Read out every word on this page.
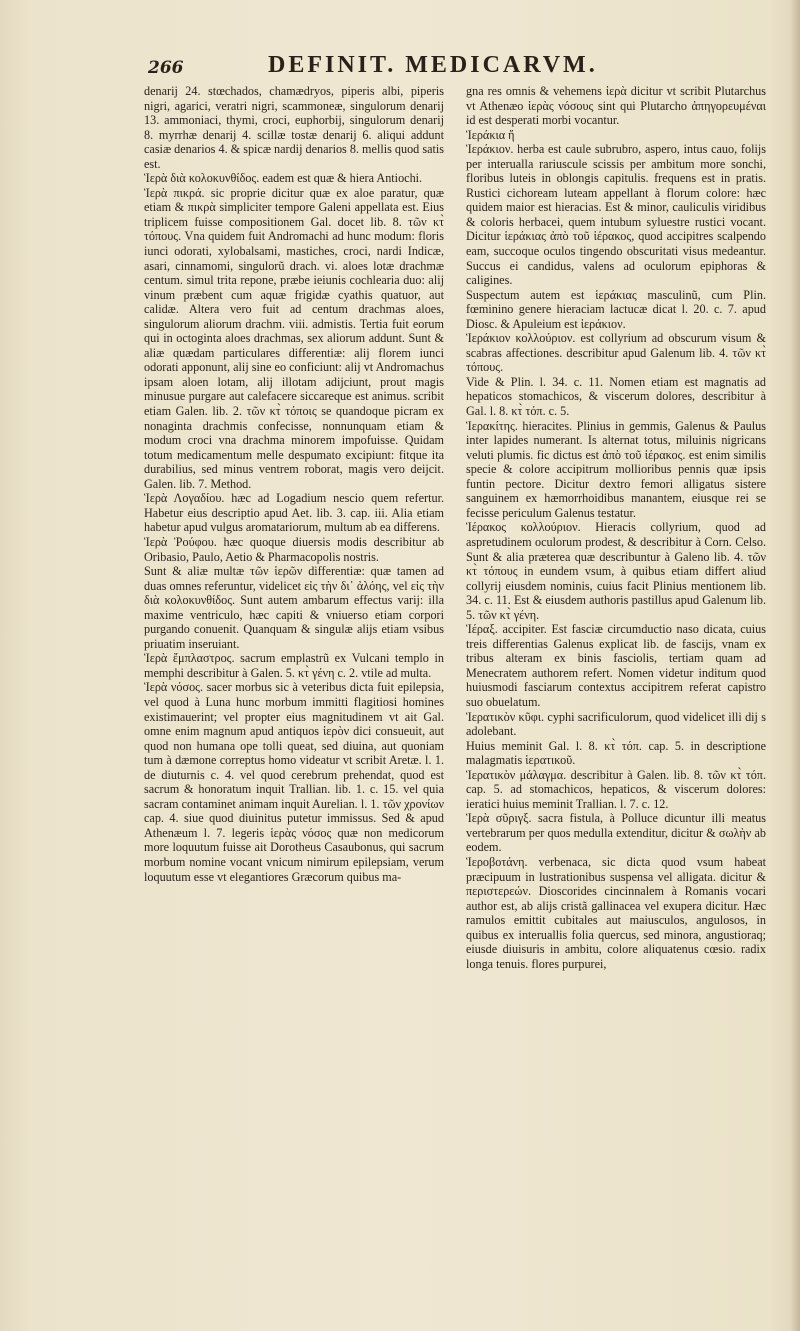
266	DEFINIT. MEDICARVM.

denarij 24. stœchados, chamædryos, piperis albi, piperis nigri, agarici, veratri nigri, scammoneæ, singulorum denarij 13. ammoniaci, thymi, croci, euphorbij, singulorum denarij 8. myrrhæ denarij 4. scillæ tostæ denarij 6. aliqui addunt casiæ denarios 4. & spicæ nardij denarios 8. mellis quod satis est.

Ἱερὰ διὰ κολοκυνθίδος. eadem est quæ & hiera Antiochi.

Ἱερὰ πικρά. sic proprie dicitur quæ ex aloe paratur, quæ etiam & πικρὰ simpliciter tempore Galeni appellata est. Eius triplicem fuisse compositionem Gal. docet lib. 8. τῶν κτ̀ τόπους. Vna quidem fuit Andromachi ad hunc modum: floris iunci odorati, xylobalsami, mastiches, croci, nardi Indicæ, asari, cinnamomi, singulorũ drach. vi. aloes lotæ drachmæ centum. simul trita repone, præbe ieiunis cochlearia duo: alij vinum præbent cum aquæ frigidæ cyathis quatuor, aut calidæ. Altera vero fuit ad centum drachmas aloes, singulorum aliorum drachm. viii. admistis. Tertia fuit eorum qui in octoginta aloes drachmas, sex aliorum addunt. Sunt & aliæ quædam particulares differentiæ: alij florem iunci odorati apponunt, alij sine eo conficiunt: alij vt Andromachus ipsam aloen lotam, alij illotam adijciunt, prout magis minusue purgare aut calefacere siccareque est animus. scribit etiam Galen. lib. 2. τῶν κτ̀ τόποις se quandoque picram ex nonaginta drachmis confecisse, nonnunquam etiam & modum croci vna drachma minorem impofuisse. Quidam totum medicamentum melle despumato excipiunt: fitque ita durabilius, sed minus ventrem roborat, magis vero deijcit. Galen. lib. 7. Method.

Ἱερὰ Λογαδίου. hæc ad Logadium nescio quem refertur. Habetur eius descriptio apud Aet. lib. 3. cap. iii. Alia etiam habetur apud vulgus aromatariorum, multum ab ea differens.

Ἱερὰ Ῥούφου. hæc quoque diuersis modis describitur ab Oribasio, Paulo, Aetio & Pharmacopolis nostris.

Sunt & aliæ multæ τῶν ἱερῶν differentiæ: quæ tamen ad duas omnes referuntur, videlicet εἰς τὴν δι᾽ ἀλόης, vel εἰς τὴν διὰ κολοκυνθίδος. Sunt autem ambarum effectus varij: illa maxime ventriculo, hæc capiti & vniuerso etiam corpori purgando conuenit. Quanquam & singulæ alijs etiam vsibus priuatim inseruiant.

Ἱερὰ ἔμπλαστρος. sacrum emplastrũ ex Vulcani templo in memphi describitur à Galen. 5. κτ̀ γένη c. 2. vtile ad multa.

Ἱερὰ νόσος. sacer morbus sic à veteribus dicta fuit epilepsia, vel quod à Luna hunc morbum immitti flagitiosi homines existimauerint; vel propter eius magnitudinem vt ait Gal. omne enim magnum apud antiquos ἱερὸν dici consueuit, aut quod non humana ope tolli queat, sed diuina, aut quoniam tum à dæmone correptus homo videatur vt scribit Aretæ. l. 1. de diuturnis c. 4. vel quod cerebrum prehendat, quod est sacrum & honoratum inquit Trallian. lib. 1. c. 15. vel quia sacram contaminet animam inquit Aurelian. l. 1. τῶν χρονίων cap. 4. siue quod diuinitus putetur immissus. Sed & apud Athenæum l. 7. legeris ἱερὰς νόσος quæ non medicorum more loquutum fuisse ait Dorotheus Casaubonus, qui sacrum morbum nomine vocant vnicum nimirum epilepsiam, verum loquutum esse vt elegantiores Græcorum quibus ma-

gna res omnis & vehemens ἱερὰ dicitur vt scribit Plutarchus vt Athenæo ἱερὰς νόσους sint qui Plutarcho ἀπηγορευμέναι id est desperati morbi vocantur.

Ἱεράκια ἤ

Ἱεράκιον. herba est caule subrubro, aspero, intus cauo, folijs per interualla rariuscule scissis per ambitum more sonchi, floribus luteis in oblongis capitulis. frequens est in pratis. Rustici cichoream luteam appellant à florum colore: hæc quidem maior est hieracias. Est & minor, cauliculis viridibus & coloris herbacei, quem intubum syluestre rustici vocant. Dicitur ἱεράκιας ἀπὸ τοῦ ἱέρακος, quod accipitres scalpendo eam, succoque oculos tingendo obscuritati visus medeantur. Succus ei candidus, valens ad oculorum epiphoras & caligines.

Suspectum autem est ἱεράκιας masculinũ, cum Plin. fœminino genere hieraciam lactucæ dicat l. 20. c. 7. apud Diosc. & Apuleium est ἱεράκιον.

Ἱεράκιον κολλούριον. est collyrium ad obscurum visum & scabras affectiones. describitur apud Galenum lib. 4. τῶν κτ̀ τόπους.

Vide & Plin. l. 34. c. 11. Nomen etiam est magnatis ad hepaticos stomachicos, & viscerum dolores, describitur à Gal. l. 8. κτ̀ τόπ. c. 5.

Ἱερακίτης. hieracites. Plinius in gemmis, Galenus & Paulus inter lapides numerant. Is alternat totus, miluinis nigricans veluti plumis. fic dictus est ἀπὸ τοῦ ἱέρακος. est enim similis specie & colore accipitrum mollioribus pennis quæ ipsis funtin pectore. Dicitur dextro femori alligatus sistere sanguinem ex hæmorrhoidibus manantem, eiusque rei se fecisse periculum Galenus testatur.

Ἱέρακος κολλούριον. Hieracis collyrium, quod ad aspretudinem oculorum prodest, & describitur à Corn. Celso. Sunt & alia præterea quæ describuntur à Galeno lib. 4. τῶν κτ̀ τόπους in eundem vsum, à quibus etiam differt aliud collyrij eiusdem nominis, cuius facit Plinius mentionem lib. 34. c. 11. Est & eiusdem authoris pastillus apud Galenum lib. 5. τῶν κτ̀ γένη.

Ἱέραξ. accipiter. Est fasciæ circumductio naso dicata, cuius treis differentias Galenus explicat lib. de fascijs, vnam ex tribus alteram ex binis fasciolis, tertiam quam ad Menecratem authorem refert. Nomen videtur inditum quod huiusmodi fasciarum contextus accipitrem referat capistro suo obuelatum.

Ἱερατικὸν κῦφι. cyphi sacrificulorum, quod videlicet illi dij s adolebant.

Huius meminit Gal. l. 8. κτ̀ τόπ. cap. 5. in descriptione malagmatis ἱερατικοῦ.

Ἱερατικὸν μάλαγμα. describitur à Galen. lib. 8. τῶν κτ̀ τόπ. cap. 5. ad stomachicos, hepaticos, & viscerum dolores: ieratici huius meminit Trallian. l. 7. c. 12.

Ἱερὰ σῦριγξ. sacra fistula, à Polluce dicuntur illi meatus vertebrarum per quos medulla extenditur, dicitur & σωλὴν ab eodem.

Ἱεροβοτάνη. verbenaca, sic dicta quod vsum habeat præcipuum in lustrationibus suspensa vel alligata. dicitur & περιστερεών. Dioscorides cincinnalem à Romanis vocari author est, ab alijs cristã gallinacea vel exupera dicitur. Hæc ramulos emittit cubitales aut maiusculos, angulosos, in quibus ex interuallis folia quercus, sed minora, angustioraq; eiusde diuisuris in ambitu, colore aliquatenus cœsio. radix longa tenuis. flores purpurei,
